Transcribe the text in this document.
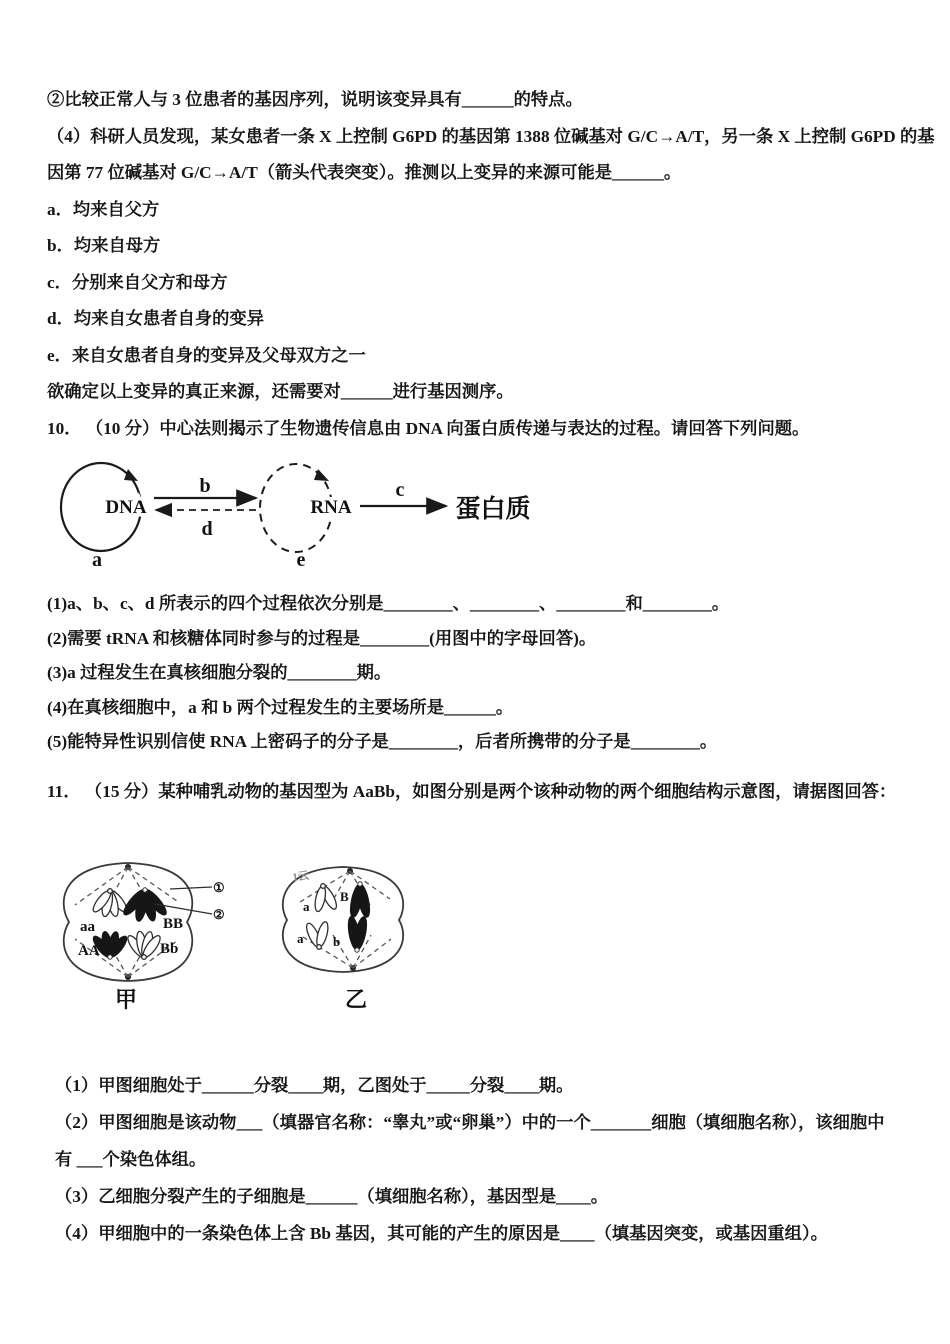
②比较正常人与 3 位患者的基因序列，说明该变异具有______的特点。
（4）科研人员发现，某女患者一条 X 上控制 G6PD 的基因第 1388 位碱基对 G/C→A/T，另一条 X 上控制 G6PD 的基
因第 77 位碱基对 G/C→A/T（箭头代表突变）。推测以上变异的来源可能是______。
a．均来自父方
b．均来自母方
c．分别来自父方和母方
d．均来自女患者自身的变异
e．来自女患者自身的变异及父母双方之一
欲确定以上变异的真正来源，还需要对______进行基因测序。
10． （10 分）中心法则揭示了生物遗传信息由 DNA 向蛋白质传递与表达的过程。请回答下列问题。
DNA	RNA	蛋白质
b
d
c
a	e
(1)a、b、c、d 所表示的四个过程依次分别是________、________、________和________。
(2)需要 tRNA 和核糖体同时参与的过程是________(用图中的字母回答)。
(3)a 过程发生在真核细胞分裂的________期。
(4)在真核细胞中，a 和 b 两个过程发生的主要场所是______。
(5)能特异性识别信使 RNA 上密码子的分子是________，后者所携带的分子是________。
11． （15 分）某种哺乳动物的基因型为 AaBb，如图分别是两个该种动物的两个细胞结构示意图，请据图回答：
aa	BB
AA	Bb
①
②
甲
a
B
a b
1云
乙
（1）甲图细胞处于______分裂____期，乙图处于_____分裂____期。
（2）甲图细胞是该动物___（填器官名称：“睾丸”或“卵巢”）中的一个_______细胞（填细胞名称），该细胞中
有 ___个染色体组。
（3）乙细胞分裂产生的子细胞是______（填细胞名称），基因型是____。
（4）甲细胞中的一条染色体上含 Bb 基因，其可能的产生的原因是____（填基因突变，或基因重组）。
